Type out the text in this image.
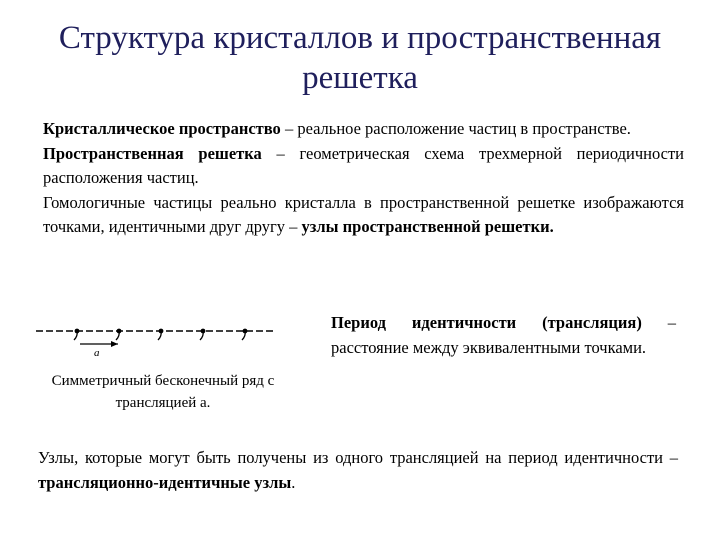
Структура кристаллов и пространственная
решетка
Кристаллическое пространство – реальное расположение частиц в пространстве.
Пространственная решетка – геометрическая схема трехмерной периодичности расположения частиц.
Гомологичные частицы реально кристалла в пространственной решетке изображаются точками, идентичными друг другу – узлы пространственной решетки.
a
Симметричный бесконечный ряд с трансляцией а.
Период идентичности (трансляция) – расстояние между эквивалентными точками.
Узлы, которые могут быть получены из одного трансляцией на период идентичности – трансляционно-идентичные узлы.
